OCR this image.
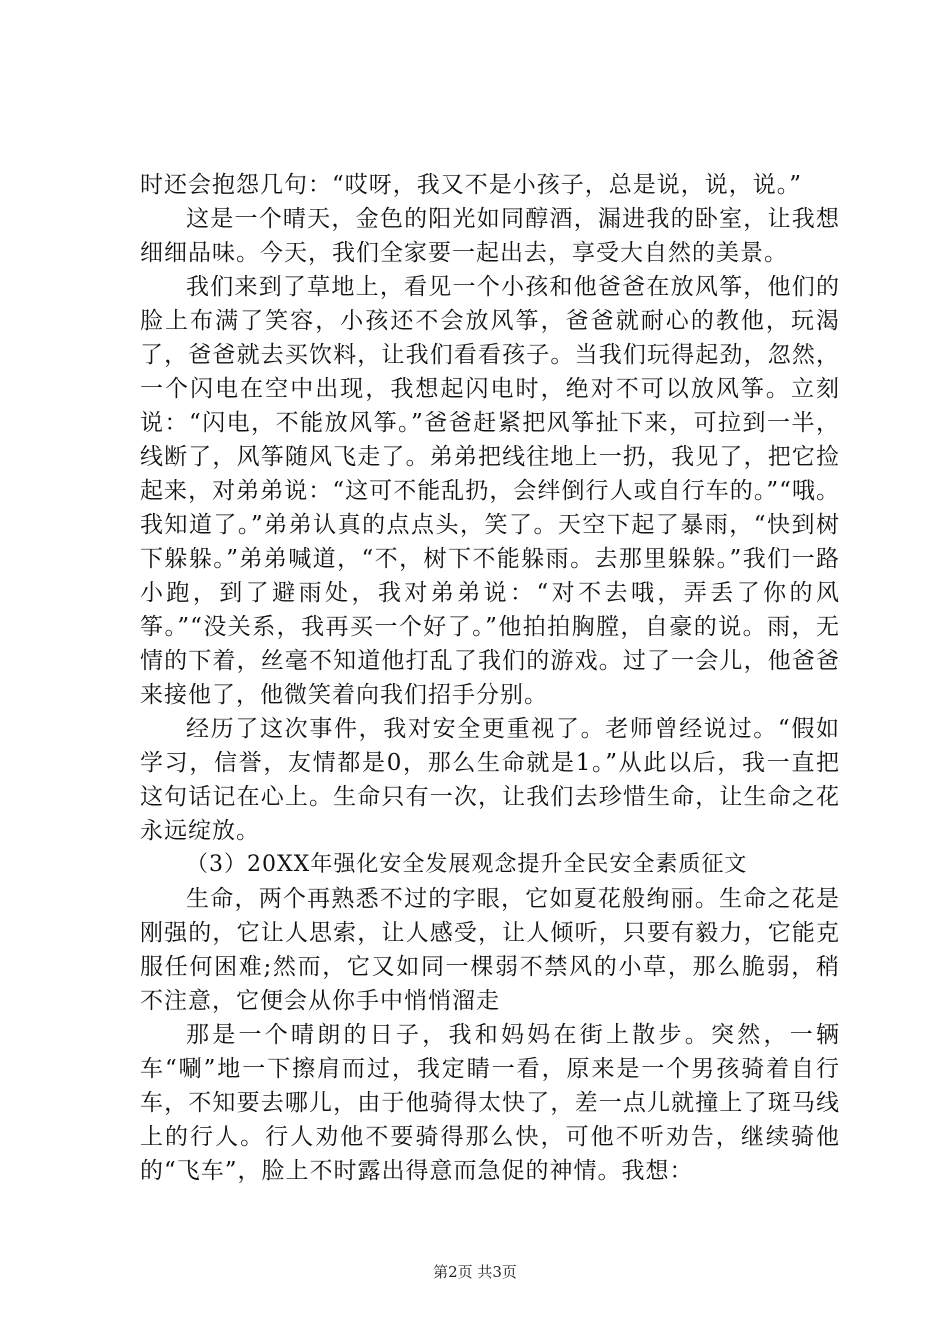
时还会抱怨几句：“哎呀，我又不是小孩子，总是说，说，说。”

这是一个晴天，金色的阳光如同醇酒，漏进我的卧室，让我想细细品味。今天，我们全家要一起出去，享受大自然的美景。

我们来到了草地上，看见一个小孩和他爸爸在放风筝，他们的脸上布满了笑容，小孩还不会放风筝，爸爸就耐心的教他，玩渴了，爸爸就去买饮料，让我们看看孩子。当我们玩得起劲，忽然，一个闪电在空中出现，我想起闪电时，绝对不可以放风筝。立刻说：“闪电，不能放风筝。”爸爸赶紧把风筝扯下来，可拉到一半，线断了，风筝随风飞走了。弟弟把线往地上一扔，我见了，把它捡起来，对弟弟说：“这可不能乱扔，会绊倒行人或自行车的。”“哦。我知道了。”弟弟认真的点点头，笑了。天空下起了暴雨，“快到树下躲躲。”弟弟喊道，“不，树下不能躲雨。去那里躲躲。”我们一路小跑，到了避雨处，我对弟弟说：“对不去哦，弄丢了你的风筝。”“没关系，我再买一个好了。”他拍拍胸膛，自豪的说。雨，无情的下着，丝毫不知道他打乱了我们的游戏。过了一会儿，他爸爸来接他了，他微笑着向我们招手分别。

经历了这次事件，我对安全更重视了。老师曾经说过。“假如学习，信誉，友情都是0，那么生命就是1。”从此以后，我一直把这句话记在心上。生命只有一次，让我们去珍惜生命，让生命之花永远绽放。

（3）20XX年强化安全发展观念提升全民安全素质征文

生命，两个再熟悉不过的字眼，它如夏花般绚丽。生命之花是刚强的，它让人思索，让人感受，让人倾听，只要有毅力，它能克服任何困难;然而，它又如同一棵弱不禁风的小草，那么脆弱，稍不注意，它便会从你手中悄悄溜走

那是一个晴朗的日子，我和妈妈在街上散步。突然，一辆车“唰”地一下擦肩而过，我定睛一看，原来是一个男孩骑着自行车，不知要去哪儿，由于他骑得太快了，差一点儿就撞上了斑马线上的行人。行人劝他不要骑得那么快，可他不听劝告，继续骑他的“飞车”，脸上不时露出得意而急促的神情。我想：

第2页 共3页
